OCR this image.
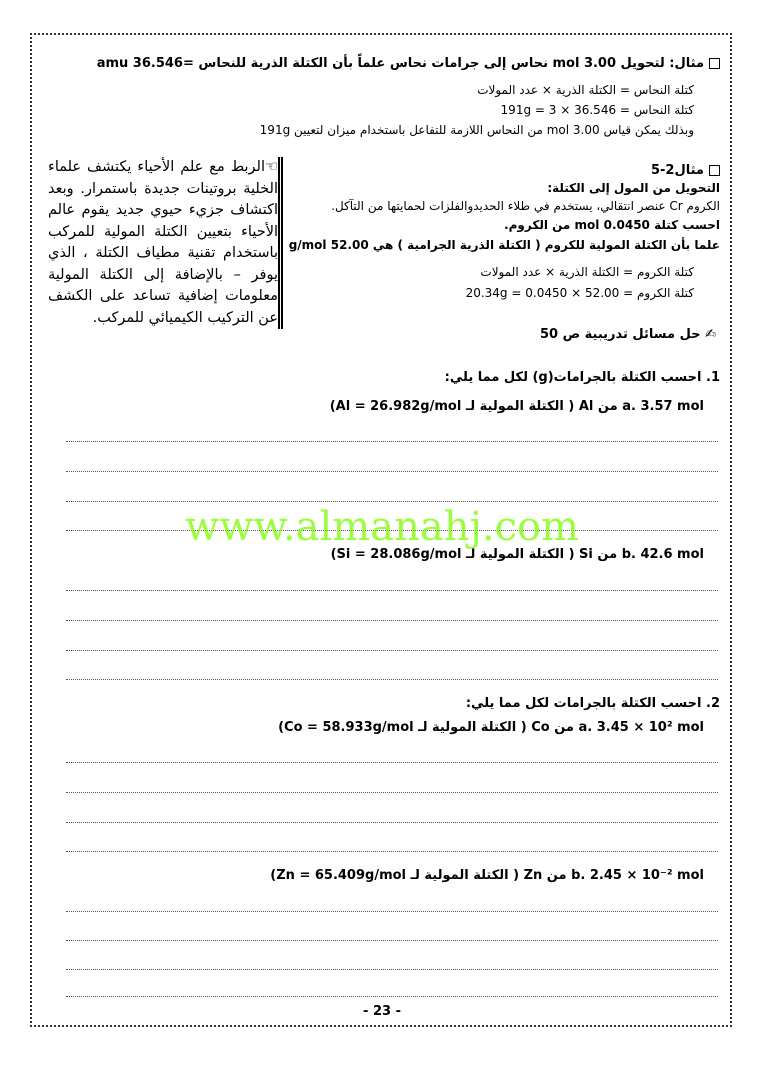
مثال: لتحويل 3.00 mol نحاس إلى جرامات نحاس علماً بأن الكتلة الذرية للنحاس =36.546 amu
كتلة النحاس = الكتلة الذرية × عدد المولات
كتلة النحاس = 36.546 × 3 = 191g
وبذلك يمكن قياس 3.00 mol من النحاس اللازمة للتفاعل باستخدام ميزان لتعيين 191g
☜الربط مع علم الأحياء يكتشف علماء الخلية بروتينات جديدة باستمرار. وبعد اكتشاف جزيء حيوي جديد يقوم عالم الأحياء بتعيين الكتلة المولية للمركب باستخدام تقنية مطياف الكتلة ، الذي يوفر – بالإضافة إلى الكتلة المولية معلومات إضافية تساعد على الكشف عن التركيب الكيميائي للمركب.
مثال2-5
التحويل من المول إلى الكتلة:
الكروم Cr عنصر انتقالي، يستخدم في طلاء الحديدوالفلزات لحمايتها من التآكل.
احسب كتلة 0.0450 mol من الكروم.
علما بأن الكتلة المولية للكروم ( الكتلة الذرية الجرامية ) هي 52.00 g/mol
كتلة الكروم = الكتلة الذرية × عدد المولات
كتلة الكروم = 52.00 × 0.0450 = 20.34g
✍ حل مسائل تدريبية ص 50
1. احسب الكتلة بالجرامات(g) لكل مما يلي:
a. 3.57 mol من Al ( الكتلة المولية لـ Al = 26.982g/mol)
b. 42.6 mol من Si ( الكتلة المولية لـ Si = 28.086g/mol)
2. احسب الكتلة بالجرامات لكل مما يلي:
a. 3.45 × 10² mol من Co ( الكتلة المولية لـ Co = 58.933g/mol)
b. 2.45 × 10⁻² mol من Zn ( الكتلة المولية لـ Zn = 65.409g/mol)
www.almanahj.com
- 23 -
